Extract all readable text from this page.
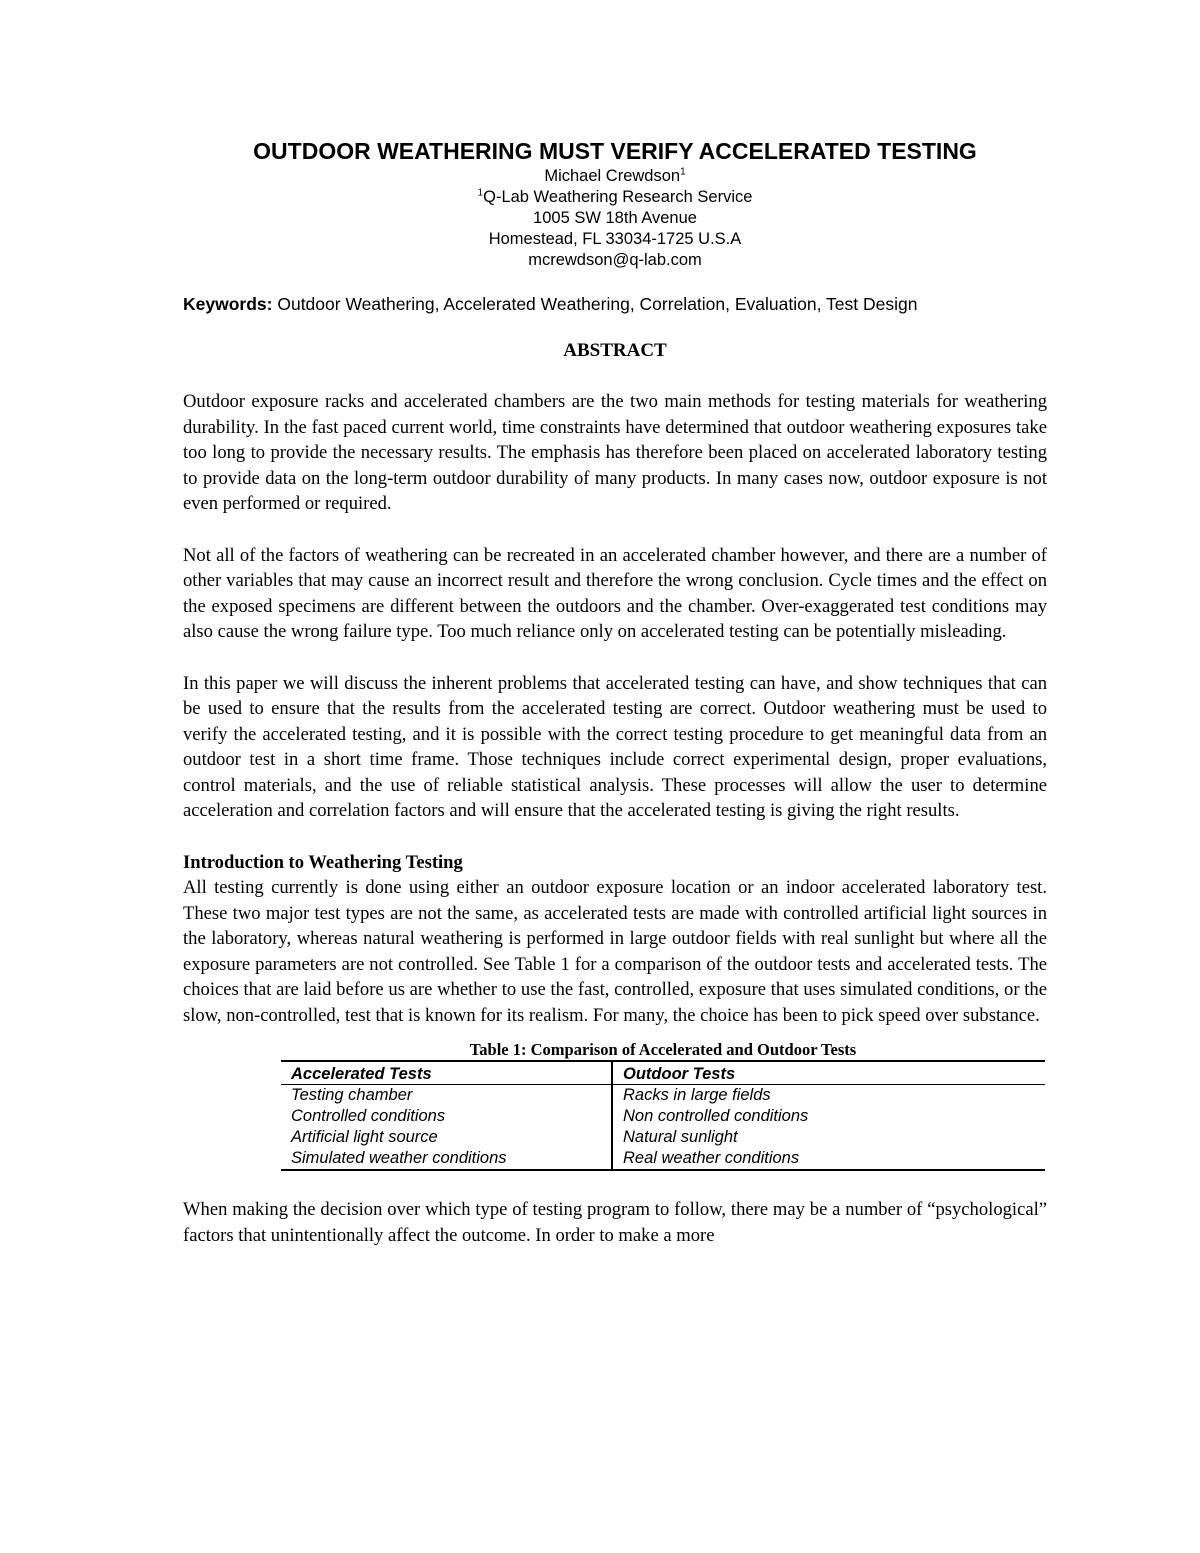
OUTDOOR WEATHERING MUST VERIFY ACCELERATED TESTING
Michael Crewdson$^1$
$^1$Q-Lab Weathering Research Service
1005 SW 18th Avenue
Homestead, FL 33034-1725 U.S.A
mcrewdson@q-lab.com
Keywords: Outdoor Weathering, Accelerated Weathering, Correlation, Evaluation, Test Design
ABSTRACT

Outdoor exposure racks and accelerated chambers are the two main methods for testing materials for weathering durability. In the fast paced current world, time constraints have determined that outdoor weathering exposures take too long to provide the necessary results. The emphasis has therefore been placed on accelerated laboratory testing to provide data on the long-term outdoor durability of many products. In many cases now, outdoor exposure is not even performed or required.

Not all of the factors of weathering can be recreated in an accelerated chamber however, and there are a number of other variables that may cause an incorrect result and therefore the wrong conclusion. Cycle times and the effect on the exposed specimens are different between the outdoors and the chamber. Over-exaggerated test conditions may also cause the wrong failure type. Too much reliance only on accelerated testing can be potentially misleading.

In this paper we will discuss the inherent problems that accelerated testing can have, and show techniques that can be used to ensure that the results from the accelerated testing are correct. Outdoor weathering must be used to verify the accelerated testing, and it is possible with the correct testing procedure to get meaningful data from an outdoor test in a short time frame. Those techniques include correct experimental design, proper evaluations, control materials, and the use of reliable statistical analysis. These processes will allow the user to determine acceleration and correlation factors and will ensure that the accelerated testing is giving the right results.

Introduction to Weathering Testing

All testing currently is done using either an outdoor exposure location or an indoor accelerated laboratory test. These two major test types are not the same, as accelerated tests are made with controlled artificial light sources in the laboratory, whereas natural weathering is performed in large outdoor fields with real sunlight but where all the exposure parameters are not controlled. See Table 1 for a comparison of the outdoor tests and accelerated tests. The choices that are laid before us are whether to use the fast, controlled, exposure that uses simulated conditions, or the slow, non-controlled, test that is known for its realism. For many, the choice has been to pick speed over substance.

Table 1: Comparison of Accelerated and Outdoor Tests
Accelerated Tests	Outdoor Tests
Testing chamber	Racks in large fields
Controlled conditions	Non controlled conditions
Artificial light source	Natural sunlight
Simulated weather conditions	Real weather conditions

When making the decision over which type of testing program to follow, there may be a number of “psychological” factors that unintentionally affect the outcome. In order to make a more
